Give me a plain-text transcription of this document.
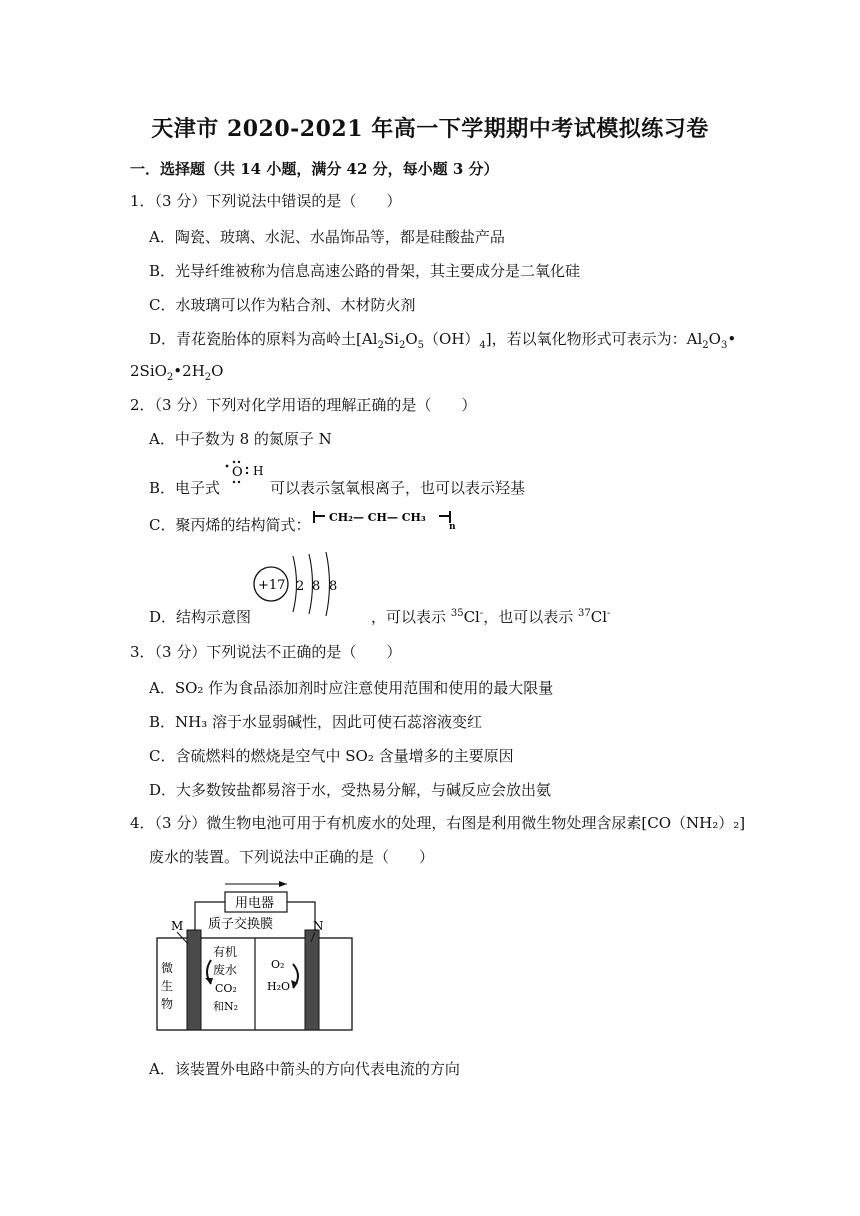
天津市 2020-2021 年高一下学期期中考试模拟练习卷
一．选择题（共 14 小题，满分 42 分，每小题 3 分）
1．（3 分）下列说法中错误的是（　　）
A．陶瓷、玻璃、水泥、水晶饰品等，都是硅酸盐产品
B．光导纤维被称为信息高速公路的骨架，其主要成分是二氧化硅
C．水玻璃可以作为粘合剂、木材防火剂
D．青花瓷胎体的原料为高岭土$[Al_2Si_2O_5(OH)_4]$，若以氧化物形式可表示为：$Al_2O_3•$
$2SiO_2•2H_2O$
2．（3 分）下列对化学用语的理解正确的是（　　）
A．中子数为 8 的氮原子 N
B．电子式	可以表示氢氧根离子，也可以表示羟基
O H
C．聚丙烯的结构简式： CH₂— CH— CH₃
n
+17 2 8 8
D．结构示意图	，可以表示 $^{35}$Cl-，也可以表示 $^{37}$Cl-
3．（3 分）下列说法不正确的是（　　）
A．SO₂ 作为食品添加剂时应注意使用范围和使用的最大限量
B．NH₃ 溶于水显弱碱性，因此可使石蕊溶液变红
C．含硫燃料的燃烧是空气中 SO₂ 含量增多的主要原因
D．大多数铵盐都易溶于水，受热易分解，与碱反应会放出氨
4．（3 分）微生物电池可用于有机废水的处理，右图是利用微生物处理含尿素[CO（NH₂）₂]
废水的装置。下列说法中正确的是（　　）
用电器
质子交换膜
M	N
微
生
物
有机
废水
CO₂
和N₂
O₂
H₂O
A．该装置外电路中箭头的方向代表电流的方向
